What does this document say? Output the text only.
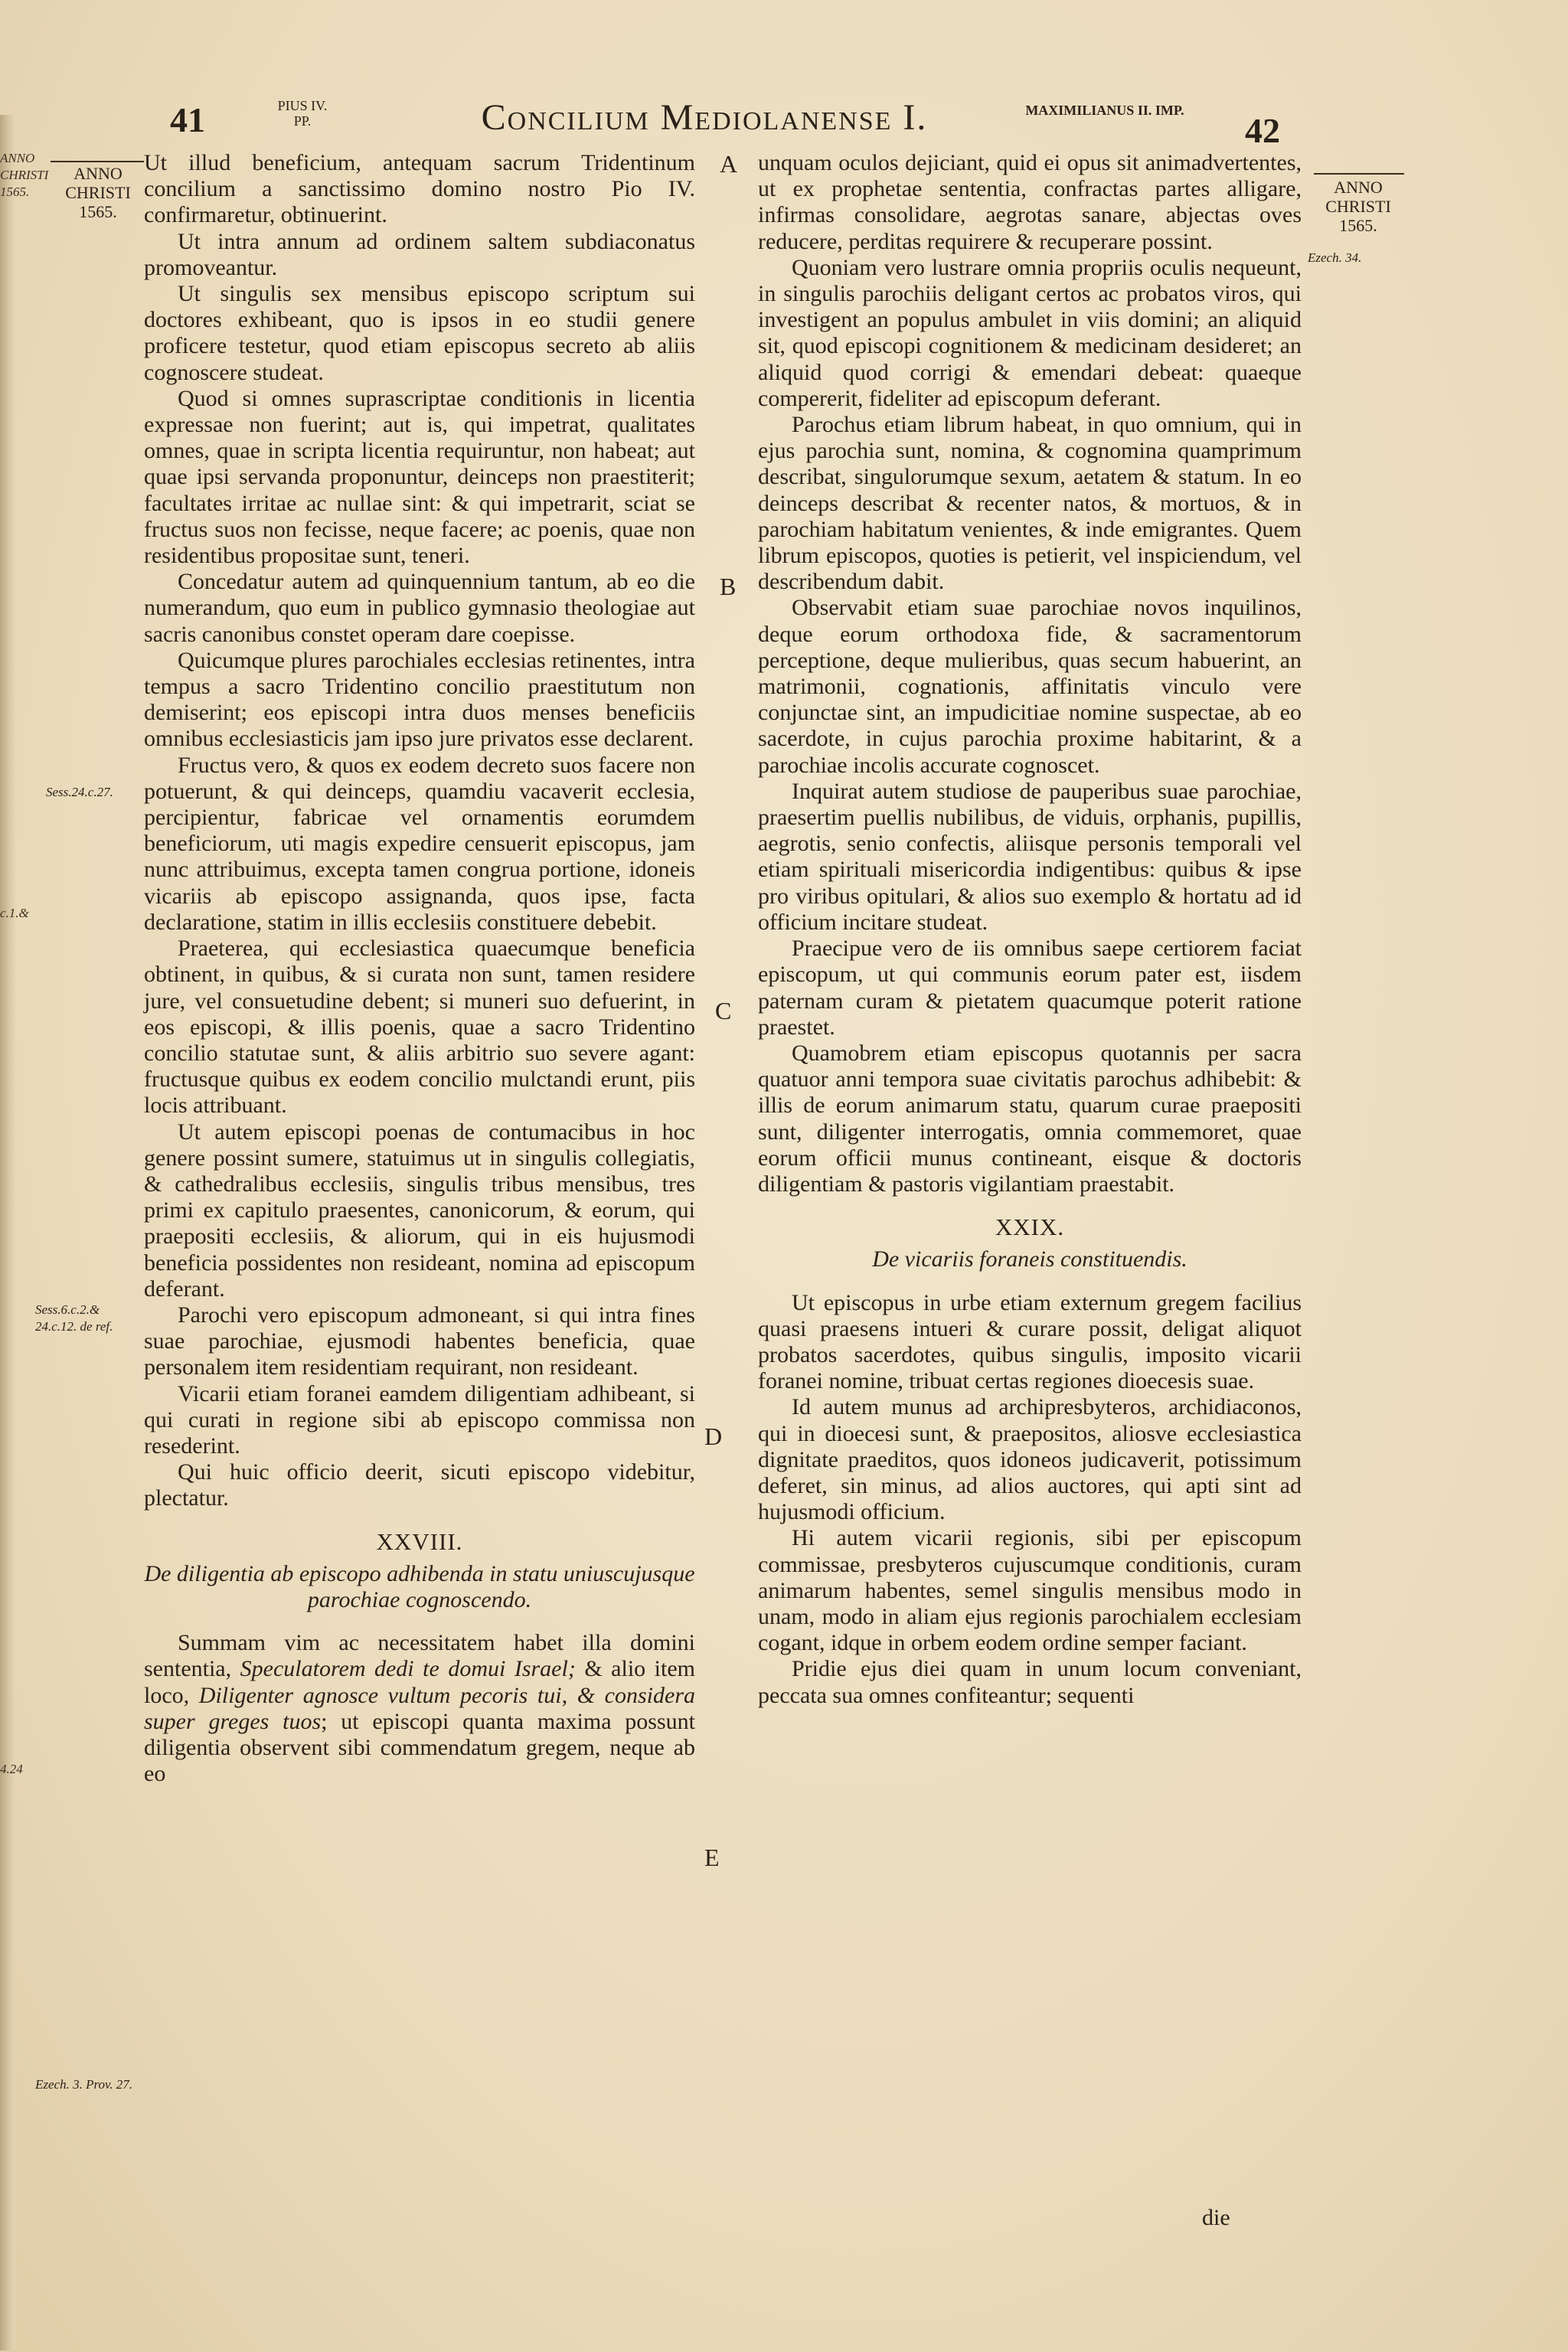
ANNO CHRISTI 1565.
c.1.&
4.24
41	PIUS IV. PP.	Concilium Mediolanense I.	MAXIMILIANUS II. IMP.
42
ANNO CHRISTI 1565.
ANNO CHRISTI 1565.
Sess.24.c.27.
Sess.6.c.2.& 24.c.12. de ref.
Ezech. 3. Prov. 27.
Ezech. 34.
A
B
C
D
E

Ut illud beneficium, antequam sacrum Tridentinum concilium a sanctissimo domino nostro Pio IV. confirmaretur, obtinuerint.

Ut intra annum ad ordinem saltem subdiaconatus promoveantur.

Ut singulis sex mensibus episcopo scriptum sui doctores exhibeant, quo is ipsos in eo studii genere proficere testetur, quod etiam episcopus secreto ab aliis cognoscere studeat.

Quod si omnes suprascriptae conditionis in licentia expressae non fuerint; aut is, qui impetrat, qualitates omnes, quae in scripta licentia requiruntur, non habeat; aut quae ipsi servanda proponuntur, deinceps non praestiterit; facultates irritae ac nullae sint: & qui impetrarit, sciat se fructus suos non fecisse, neque facere; ac poenis, quae non residentibus propositae sunt, teneri.

Concedatur autem ad quinquennium tantum, ab eo die numerandum, quo eum in publico gymnasio theologiae aut sacris canonibus constet operam dare coepisse.

Quicumque plures parochiales ecclesias retinentes, intra tempus a sacro Tridentino concilio praestitutum non demiserint; eos episcopi intra duos menses beneficiis omnibus ecclesiasticis jam ipso jure privatos esse declarent.

Fructus vero, & quos ex eodem decreto suos facere non potuerunt, & qui deinceps, quamdiu vacaverit ecclesia, percipientur, fabricae vel ornamentis eorumdem beneficiorum, uti magis expedire censuerit episcopus, jam nunc attribuimus, excepta tamen congrua portione, idoneis vicariis ab episcopo assignanda, quos ipse, facta declaratione, statim in illis ecclesiis constituere debebit.

Praeterea, qui ecclesiastica quaecumque beneficia obtinent, in quibus, & si curata non sunt, tamen residere jure, vel consuetudine debent; si muneri suo defuerint, in eos episcopi, & illis poenis, quae a sacro Tridentino concilio statutae sunt, & aliis arbitrio suo severe agant: fructusque quibus ex eodem concilio mulctandi erunt, piis locis attribuant.

Ut autem episcopi poenas de contumacibus in hoc genere possint sumere, statuimus ut in singulis collegiatis, & cathedralibus ecclesiis, singulis tribus mensibus, tres primi ex capitulo praesentes, canonicorum, & eorum, qui praepositi ecclesiis, & aliorum, qui in eis hujusmodi beneficia possidentes non resideant, nomina ad episcopum deferant.

Parochi vero episcopum admoneant, si qui intra fines suae parochiae, ejusmodi habentes beneficia, quae personalem item residentiam requirant, non resideant.

Vicarii etiam foranei eamdem diligentiam adhibeant, si qui curati in regione sibi ab episcopo commissa non resederint.

Qui huic officio deerit, sicuti episcopo videbitur, plectatur.

XXVIII.
De diligentia ab episcopo adhibenda in statu uniuscujusque parochiae cognoscendo.

Summam vim ac necessitatem habet illa domini sententia, Speculatorem dedi te domui Israel; & alio item loco, Diligenter agnosce vultum pecoris tui, & considera super greges tuos; ut episcopi quanta maxima possunt diligentia observent sibi commendatum gregem, neque ab eo

unquam oculos dejiciant, quid ei opus sit animadvertentes, ut ex prophetae sententia, confractas partes alligare, infirmas consolidare, aegrotas sanare, abjectas oves reducere, perditas requirere & recuperare possint.

Quoniam vero lustrare omnia propriis oculis nequeunt, in singulis parochiis deligant certos ac probatos viros, qui investigent an populus ambulet in viis domini; an aliquid sit, quod episcopi cognitionem & medicinam desideret; an aliquid quod corrigi & emendari debeat: quaeque compererit, fideliter ad episcopum deferant.

Parochus etiam librum habeat, in quo omnium, qui in ejus parochia sunt, nomina, & cognomina quamprimum describat, singulorumque sexum, aetatem & statum. In eo deinceps describat & recenter natos, & mortuos, & in parochiam habitatum venientes, & inde emigrantes. Quem librum episcopos, quoties is petierit, vel inspiciendum, vel describendum dabit.

Observabit etiam suae parochiae novos inquilinos, deque eorum orthodoxa fide, & sacramentorum perceptione, deque mulieribus, quas secum habuerint, an matrimonii, cognationis, affinitatis vinculo vere conjunctae sint, an impudicitiae nomine suspectae, ab eo sacerdote, in cujus parochia proxime habitarint, & a parochiae incolis accurate cognoscet.

Inquirat autem studiose de pauperibus suae parochiae, praesertim puellis nubilibus, de viduis, orphanis, pupillis, aegrotis, senio confectis, aliisque personis temporali vel etiam spirituali misericordia indigentibus: quibus & ipse pro viribus opitulari, & alios suo exemplo & hortatu ad id officium incitare studeat.

Praecipue vero de iis omnibus saepe certiorem faciat episcopum, ut qui communis eorum pater est, iisdem paternam curam & pietatem quacumque poterit ratione praestet.

Quamobrem etiam episcopus quotannis per sacra quatuor anni tempora suae civitatis parochus adhibebit: & illis de eorum animarum statu, quarum curae praepositi sunt, diligenter interrogatis, omnia commemoret, quae eorum officii munus contineant, eisque & doctoris diligentiam & pastoris vigilantiam praestabit.

XXIX.
De vicariis foraneis constituendis.

Ut episcopus in urbe etiam externum gregem facilius quasi praesens intueri & curare possit, deligat aliquot probatos sacerdotes, quibus singulis, imposito vicarii foranei nomine, tribuat certas regiones dioecesis suae.

Id autem munus ad archipresbyteros, archidiaconos, qui in dioecesi sunt, & praepositos, aliosve ecclesiastica dignitate praeditos, quos idoneos judicaverit, potissimum deferet, sin minus, ad alios auctores, qui apti sint ad hujusmodi officium.

Hi autem vicarii regionis, sibi per episcopum commissae, presbyteros cujuscumque conditionis, curam animarum habentes, semel singulis mensibus modo in unam, modo in aliam ejus regionis parochialem ecclesiam cogant, idque in orbem eodem ordine semper faciant.

Pridie ejus diei quam in unum locum conveniant, peccata sua omnes confiteantur; sequenti

die
